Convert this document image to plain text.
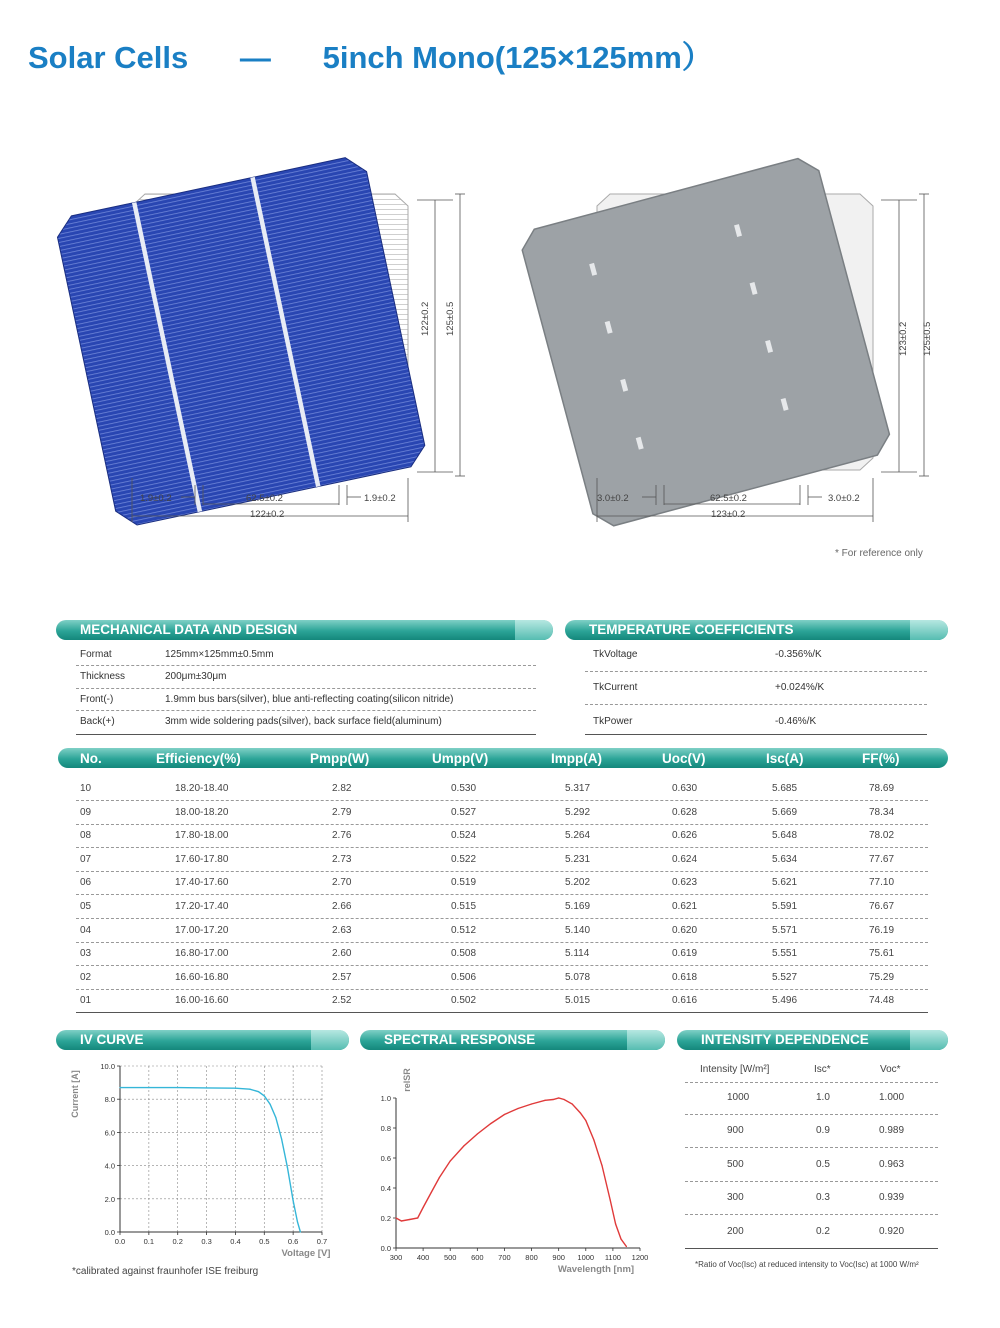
Solar Cells      —      5inch Mono(125×125mm）
122±0.2 125±0.5
1.9±0.2	62.5±0.2	1.9±0.2
122±0.2
123±0.2 125±0.5
3.0±0.2	62.5±0.2	3.0±0.2
123±0.2
* For reference only
MECHANICAL DATA AND DESIGN
Format	125mm×125mm±0.5mm
Thickness	200μm±30μm
Front(-)	1.9mm bus bars(silver), blue anti-reflecting coating(silicon nitride)
Back(+)	3mm wide soldering pads(silver), back surface field(aluminum)
TEMPERATURE COEFFICIENTS
TkVoltage	-0.356%/K
TkCurrent	+0.024%/K
TkPower	-0.46%/K
No.	Efficiency(%)	Pmpp(W)	Umpp(V)	Impp(A)	Uoc(V)	Isc(A)	FF(%)
10	18.20-18.40	2.82	0.530	5.317	0.630	5.685	78.69
09	18.00-18.20	2.79	0.527	5.292	0.628	5.669	78.34
08	17.80-18.00	2.76	0.524	5.264	0.626	5.648	78.02
07	17.60-17.80	2.73	0.522	5.231	0.624	5.634	77.67
06	17.40-17.60	2.70	0.519	5.202	0.623	5.621	77.10
05	17.20-17.40	2.66	0.515	5.169	0.621	5.591	76.67
04	17.00-17.20	2.63	0.512	5.140	0.620	5.571	76.19
03	16.80-17.00	2.60	0.508	5.114	0.619	5.551	75.61
02	16.60-16.80	2.57	0.506	5.078	0.618	5.527	75.29
01	16.00-16.60	2.52	0.502	5.015	0.616	5.496	74.48
IV CURVE
0.0 0.1 0.2 0.3 0.4 0.5 0.6 0.7
0.0
2.0
4.0
6.0
8.0
10.0
Voltage [V]
Current [A]
*calibrated against fraunhofer ISE freiburg
SPECTRAL RESPONSE
300 400 500 600 700 800 900 1000 1100 1200
0.0
0.2
0.4
0.6
0.8
1.0
Wavelength [nm]
relSR
INTENSITY DEPENDENCE
Intensity [W/m²]	Isc*	Voc*
1000	1.0	1.000
900	0.9	0.989
500	0.5	0.963
300	0.3	0.939
200	0.2	0.920
*Ratio of Voc(Isc) at reduced intensity to Voc(Isc) at 1000 W/m²
